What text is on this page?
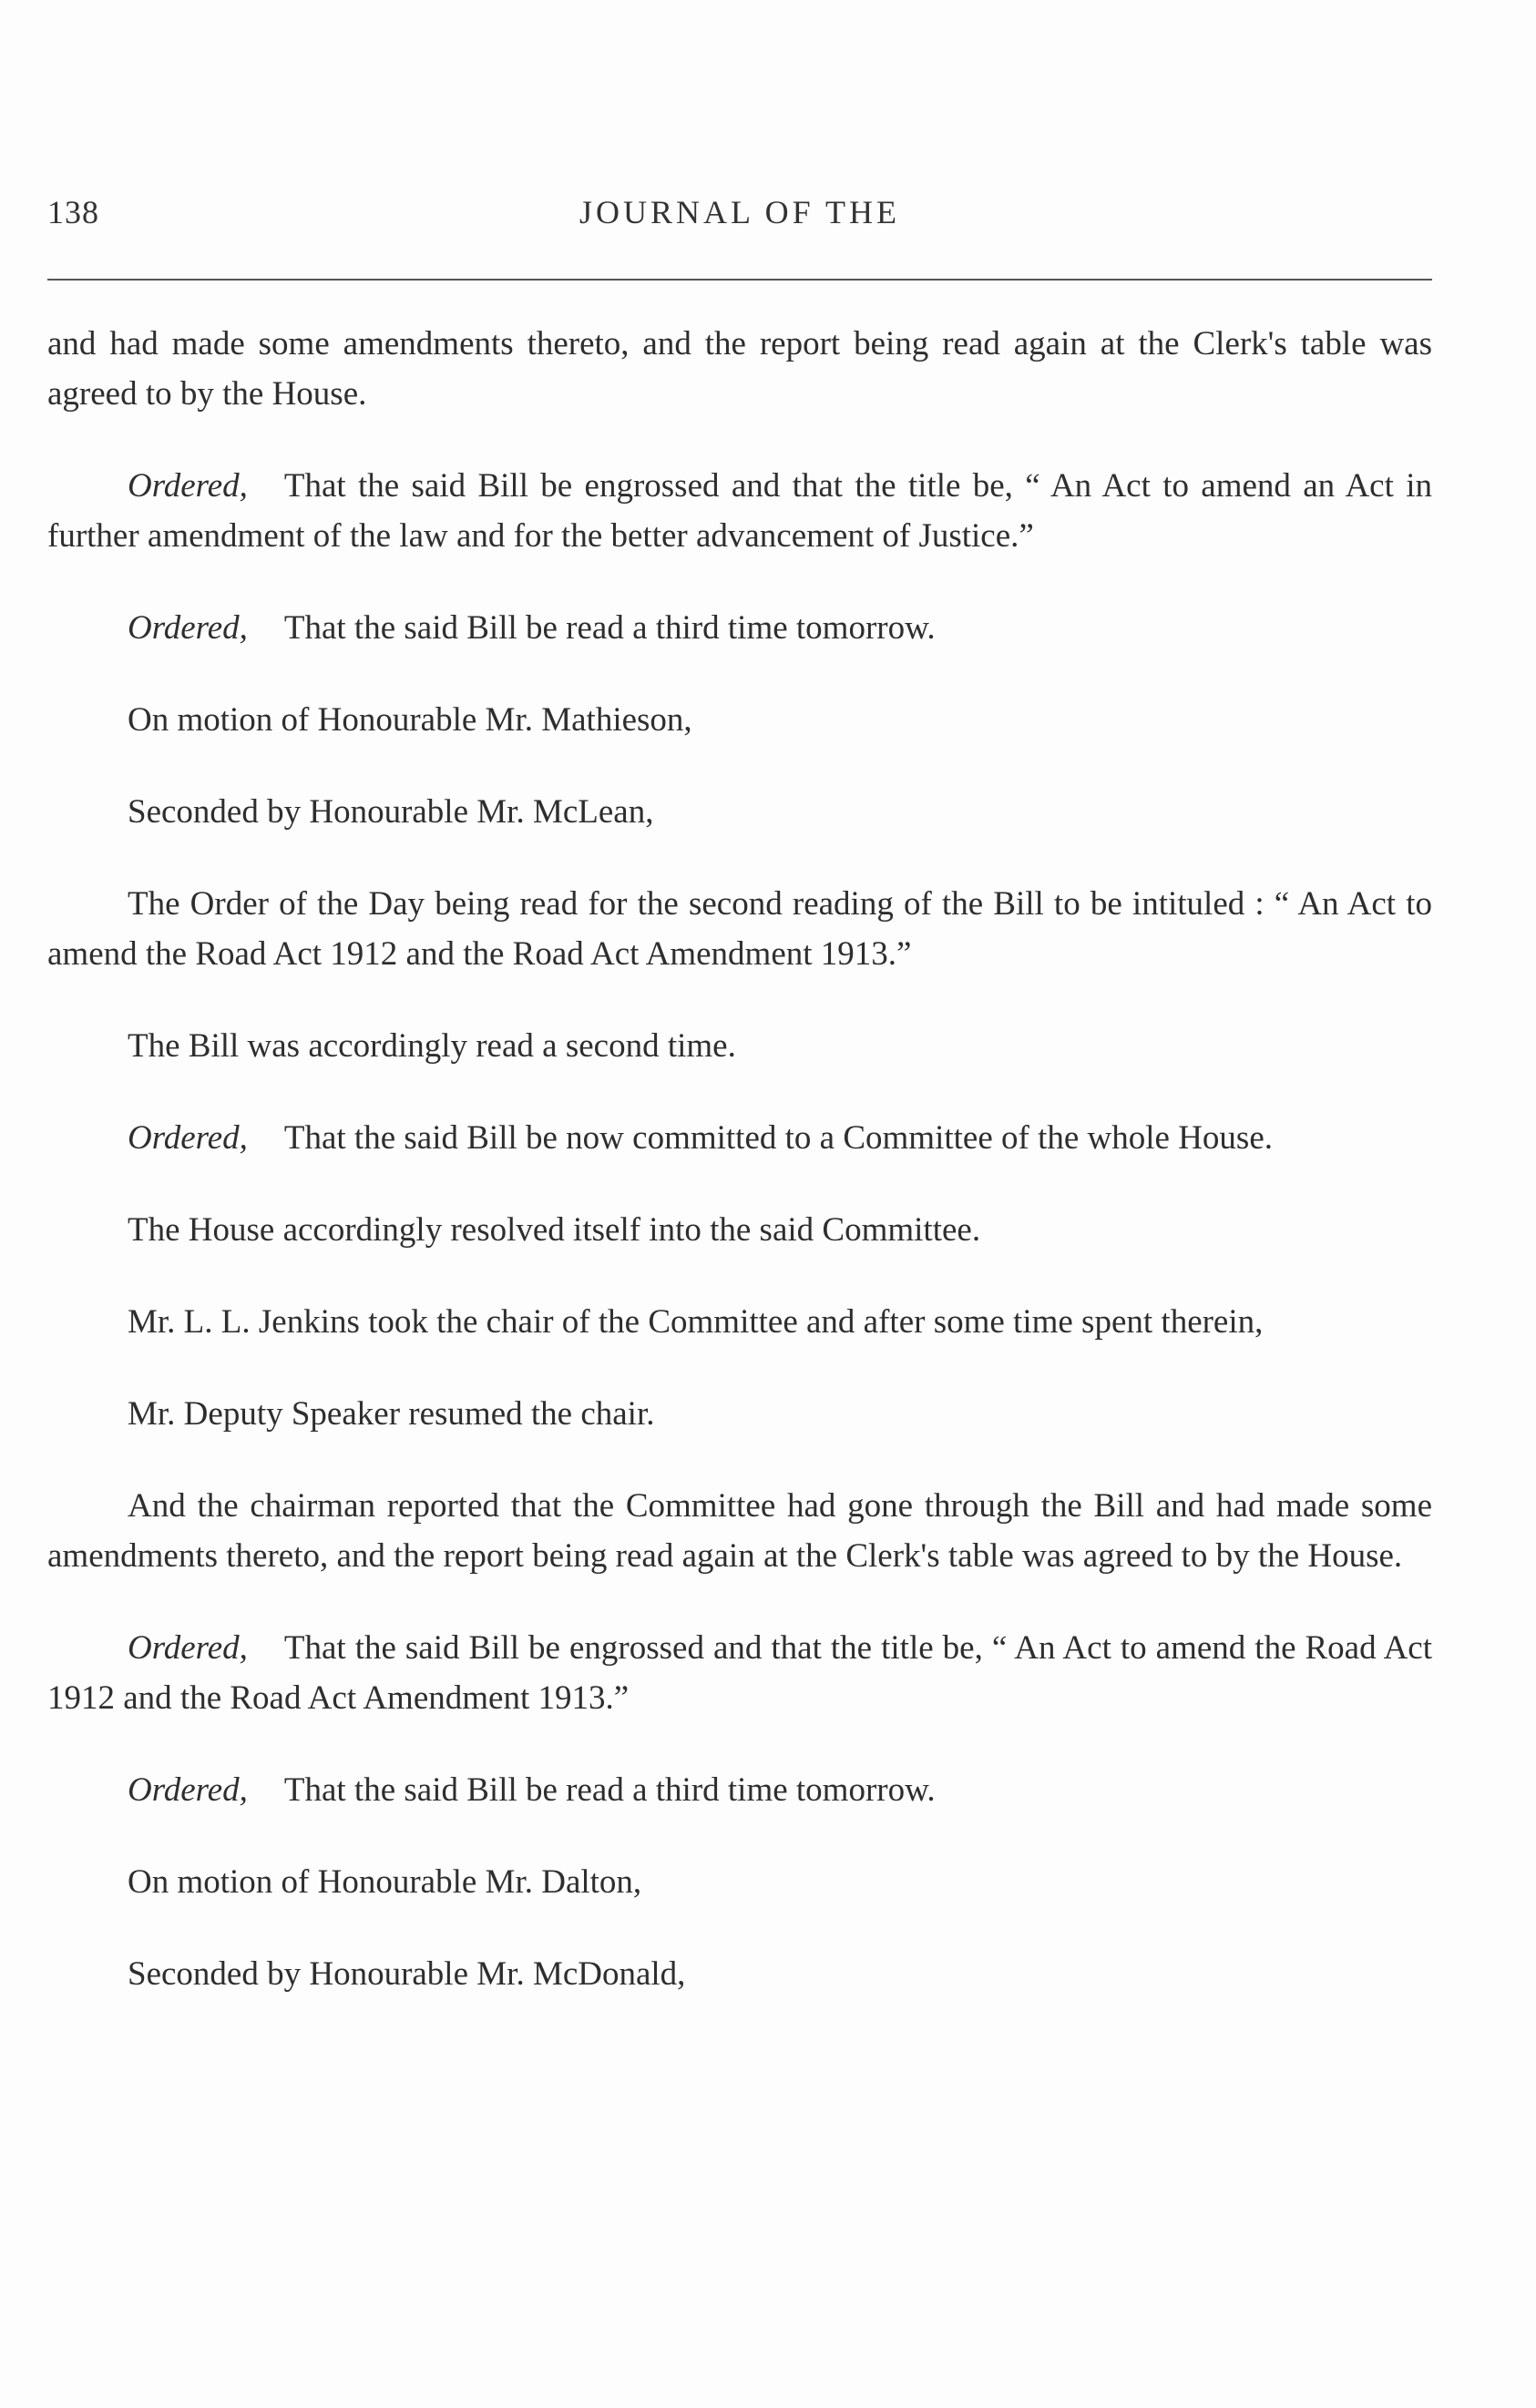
138	JOURNAL OF THE

and had made some amendments thereto, and the report being read again at the Clerk's table was agreed to by the House.

Ordered, That the said Bill be engrossed and that the title be, “ An Act to amend an Act in further amendment of the law and for the better advancement of Justice.”

Ordered, That the said Bill be read a third time tomorrow.

On motion of Honourable Mr. Mathieson,

Seconded by Honourable Mr. McLean,

The Order of the Day being read for the second reading of the Bill to be intituled : “ An Act to amend the Road Act 1912 and the Road Act Amendment 1913.”

The Bill was accordingly read a second time.

Ordered, That the said Bill be now committed to a Committee of the whole House.

The House accordingly resolved itself into the said Committee.

Mr. L. L. Jenkins took the chair of the Committee and after some time spent therein,

Mr. Deputy Speaker resumed the chair.

And the chairman reported that the Committee had gone through the Bill and had made some amendments thereto, and the report being read again at the Clerk's table was agreed to by the House.

Ordered, That the said Bill be engrossed and that the title be, “ An Act to amend the Road Act 1912 and the Road Act Amendment 1913.”

Ordered, That the said Bill be read a third time tomorrow.

On motion of Honourable Mr. Dalton,

Seconded by Honourable Mr. McDonald,
